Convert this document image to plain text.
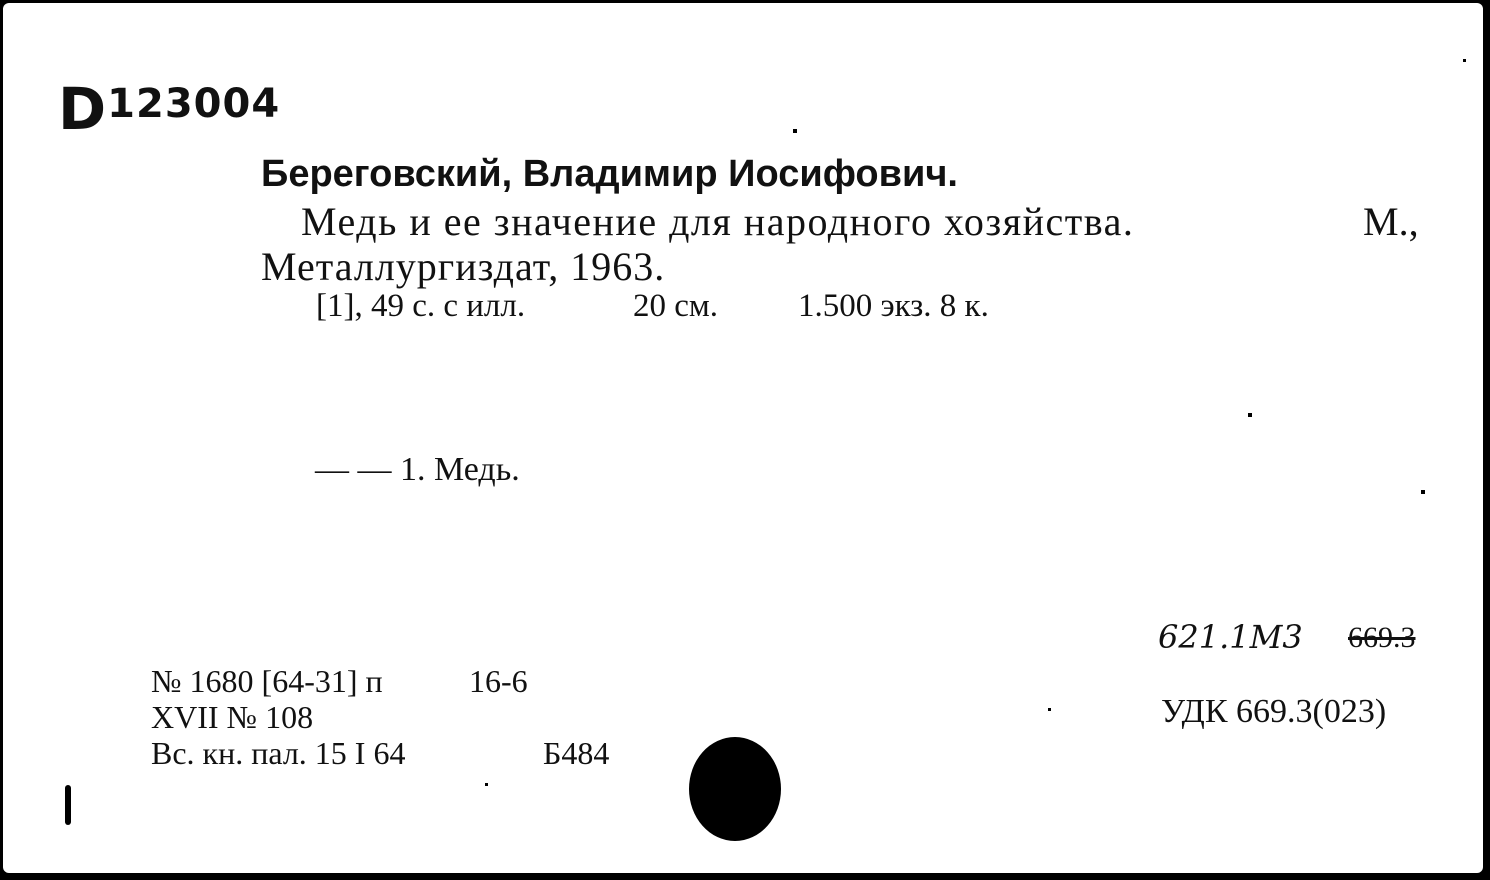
$D^{123004}$
Береговский, Владимир Иосифович.
Медь и ее значение для народного хозяйства.	М.,
Металлургиздат, 1963.
[1], 49 с. с илл.	20 см. 1.500 экз. 8 к.
— — 1. Медь.
№ 1680 [64-31] п	16-6
XVII № 108
Вс. кн. пал. 15 I 64	Б484
621.1М3 669.3
УДК 669.3(023)
